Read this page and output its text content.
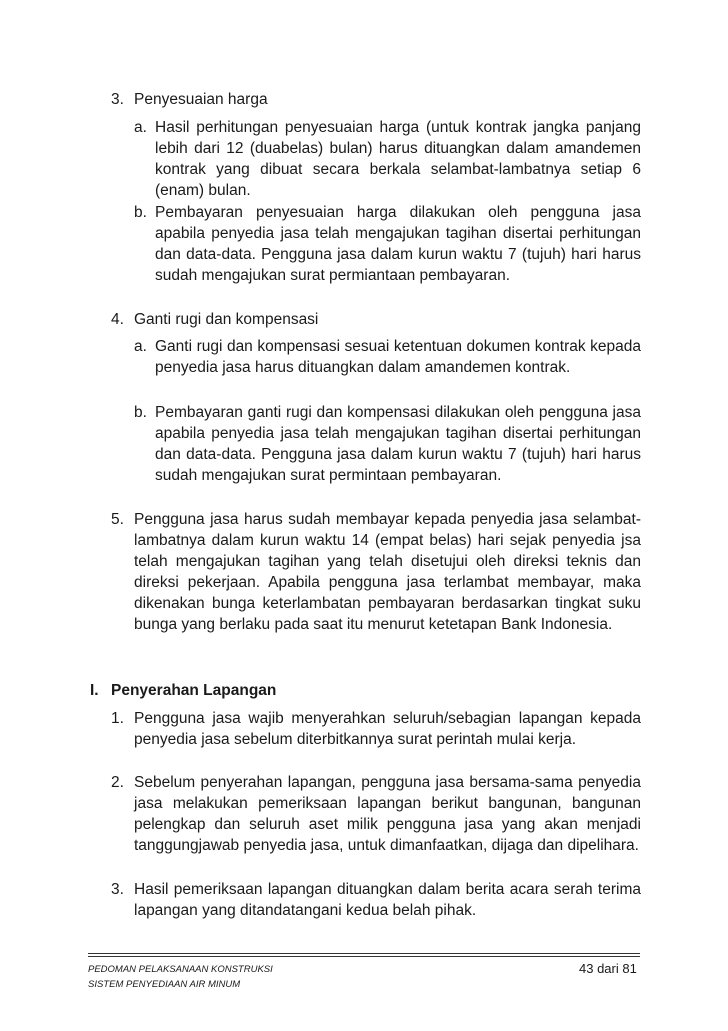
3. Penyesuaian harga
a. Hasil perhitungan penyesuaian harga (untuk kontrak jangka panjang lebih dari 12 (duabelas) bulan) harus dituangkan dalam amandemen kontrak yang dibuat secara berkala selambat-lambatnya setiap 6 (enam) bulan.
b. Pembayaran penyesuaian harga dilakukan oleh pengguna jasa apabila penyedia jasa telah mengajukan tagihan disertai perhitungan dan data-data. Pengguna jasa dalam kurun waktu 7 (tujuh) hari harus sudah mengajukan surat permiantaan pembayaran.
4. Ganti rugi dan kompensasi
a. Ganti rugi dan kompensasi sesuai ketentuan dokumen kontrak kepada penyedia jasa harus dituangkan dalam amandemen kontrak.
b. Pembayaran ganti rugi dan kompensasi dilakukan oleh pengguna jasa apabila penyedia jasa telah mengajukan tagihan disertai perhitungan dan data-data. Pengguna jasa dalam kurun waktu 7 (tujuh) hari harus sudah mengajukan surat permintaan pembayaran.
5. Pengguna jasa harus sudah membayar kepada penyedia jasa selambat-lambatnya dalam kurun waktu 14 (empat belas) hari sejak penyedia jsa telah mengajukan tagihan yang telah disetujui oleh direksi teknis dan direksi pekerjaan. Apabila pengguna jasa terlambat membayar, maka dikenakan bunga keterlambatan pembayaran berdasarkan tingkat suku bunga yang berlaku pada saat itu menurut ketetapan Bank Indonesia.
I. Penyerahan Lapangan
1. Pengguna jasa wajib menyerahkan seluruh/sebagian lapangan kepada penyedia jasa sebelum diterbitkannya surat perintah mulai kerja.
2. Sebelum penyerahan lapangan, pengguna jasa bersama-sama penyedia jasa melakukan pemeriksaan lapangan berikut bangunan, bangunan pelengkap dan seluruh aset milik pengguna jasa yang akan menjadi tanggungjawab penyedia jasa, untuk dimanfaatkan, dijaga dan dipelihara.
3. Hasil pemeriksaan lapangan dituangkan dalam berita acara serah terima lapangan yang ditandatangani kedua belah pihak.
PEDOMAN PELAKSANAAN KONSTRUKSI
SISTEM PENYEDIAAN AIR MINUM
43 dari 81
